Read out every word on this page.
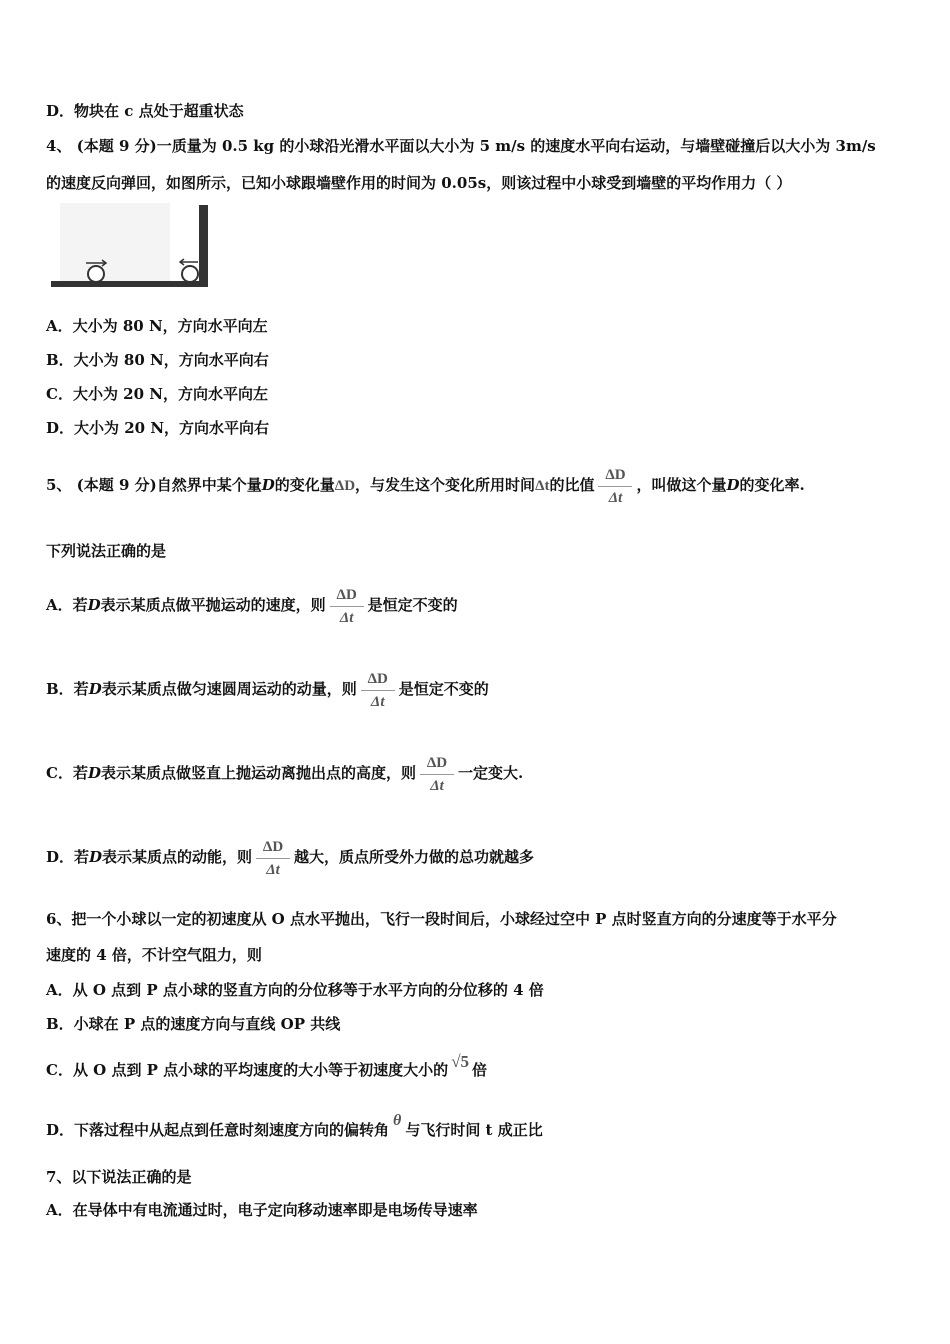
D．物块在 c 点处于超重状态
4、 (本题 9 分)一质量为 0.5 kg 的小球沿光滑水平面以大小为 5 m/s 的速度水平向右运动，与墙壁碰撞后以大小为 3m/s
的速度反向弹回，如图所示，已知小球跟墙壁作用的时间为 0.05s，则该过程中小球受到墙壁的平均作用力（ ）
A．大小为 80 N，方向水平向左
B．大小为 80 N，方向水平向右
C．大小为 20 N，方向水平向左
D．大小为 20 N，方向水平向右
5、 (本题 9 分)自然界中某个量D的变化量ΔD，与发生这个变化所用时间Δt的比值 $\frac{\Delta D}{\Delta t}$ ，叫做这个量D的变化率.
下列说法正确的是
A．若D表示某质点做平抛运动的速度，则 $\frac{\Delta D}{\Delta t}$ 是恒定不变的
B．若D表示某质点做匀速圆周运动的动量，则 $\frac{\Delta D}{\Delta t}$ 是恒定不变的
C．若D表示某质点做竖直上抛运动离抛出点的高度，则 $\frac{\Delta D}{\Delta t}$ 一定变大.
D．若D表示某质点的动能，则 $\frac{\Delta D}{\Delta t}$ 越大，质点所受外力做的总功就越多
6、把一个小球以一定的初速度从 O 点水平抛出，飞行一段时间后，小球经过空中 P 点时竖直方向的分速度等于水平分
速度的 4 倍，不计空气阻力，则
A．从 O 点到 P 点小球的竖直方向的分位移等于水平方向的分位移的 4 倍
B．小球在 P 点的速度方向与直线 OP 共线
C．从 O 点到 P 点小球的平均速度的大小等于初速度大小的 √5 倍
D．下落过程中从起点到任意时刻速度方向的偏转角θ与飞行时间 t 成正比
7、以下说法正确的是
A．在导体中有电流通过时，电子定向移动速率即是电场传导速率
